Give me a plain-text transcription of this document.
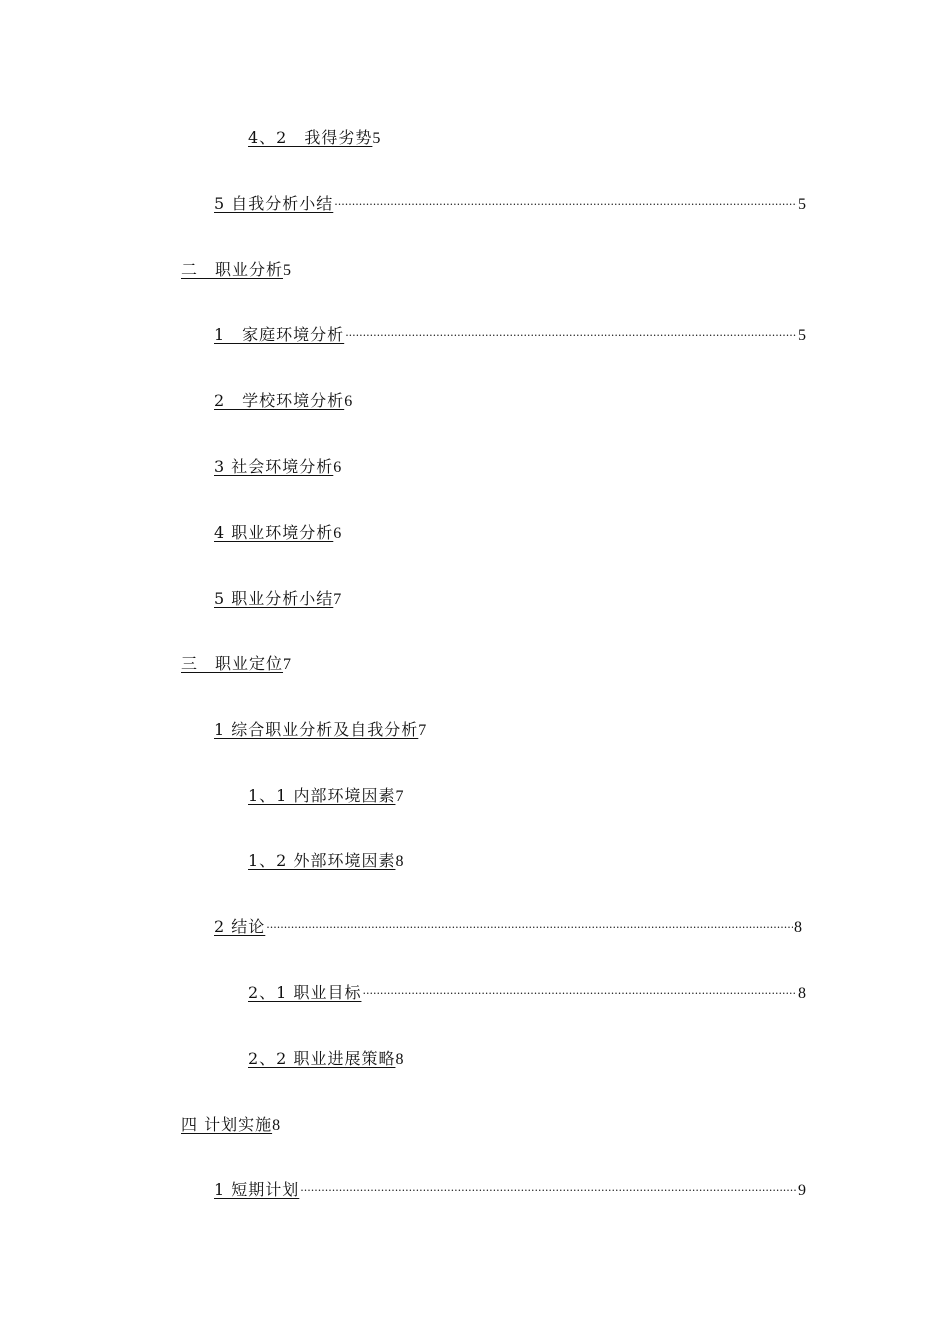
4、2　我得劣势 5
5 自我分析小结 .....	5
二　职业分析 5
1　家庭环境分析 .....	5
2　学校环境分析 6
3 社会环境分析 6
4 职业环境分析 6
5 职业分析小结 7
三　职业定位 7
1 综合职业分析及自我分析 7
1、1 内部环境因素 7
1、2 外部环境因素 8
2 结论 .....	8
2、1 职业目标 .....	8
2、2 职业进展策略 8
四 计划实施 8
1 短期计划 .....	9
